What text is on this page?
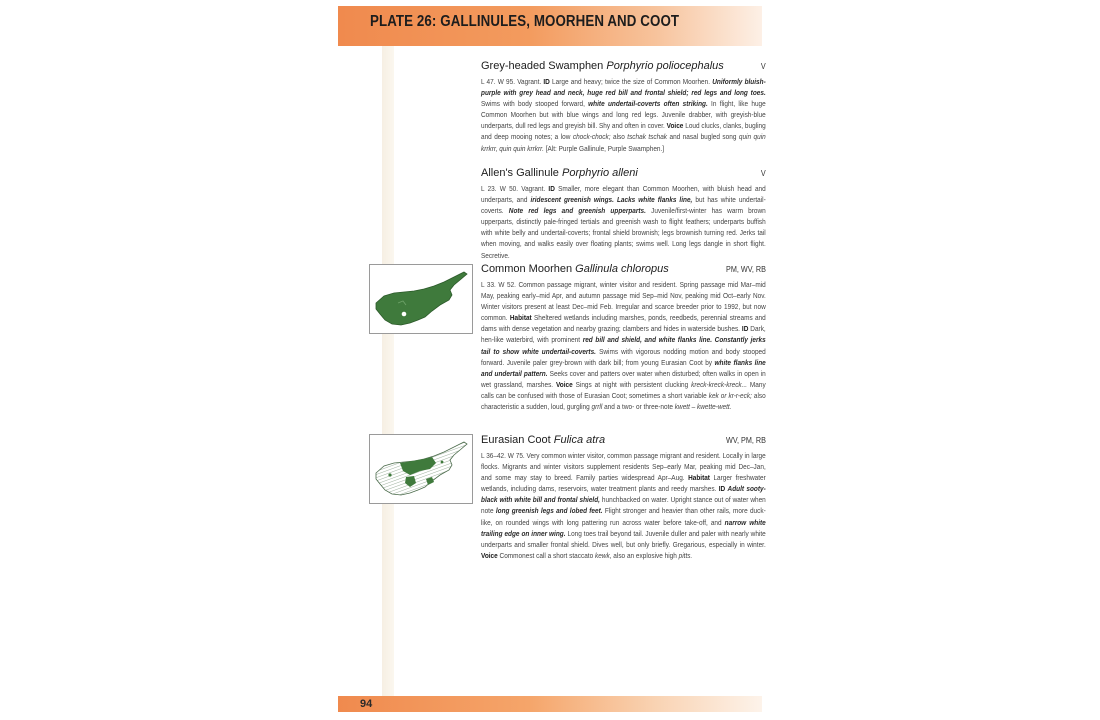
PLATE 26: GALLINULES, MOORHEN AND COOT
Grey-headed Swamphen Porphyrio poliocephalus	V

L 47. W 95. Vagrant. ID Large and heavy; twice the size of Common Moorhen. Uniformly bluish-purple with grey head and neck, huge red bill and frontal shield; red legs and long toes. Swims with body stooped forward, white undertail-coverts often striking. In flight, like huge Common Moorhen but with blue wings and long red legs. Juvenile drabber, with greyish-blue underparts, dull red legs and greyish bill. Shy and often in cover. Voice Loud clucks, clanks, bugling and deep mooing notes; a low chock-chock; also tschak tschak and nasal bugled song quin quin krrkrr, quin quin krrkrr. [Alt: Purple Gallinule, Purple Swamphen.]

Allen's Gallinule Porphyrio alleni	V

L 23. W 50. Vagrant. ID Smaller, more elegant than Common Moorhen, with bluish head and underparts, and iridescent greenish wings. Lacks white flanks line, but has white undertail-coverts. Note red legs and greenish upperparts. Juvenile/first-winter has warm brown upperparts, distinctly pale-fringed tertials and greenish wash to flight feathers; underparts buffish with white belly and undertail-coverts; frontal shield brownish; legs brownish turning red. Jerks tail when moving, and walks easily over floating plants; swims well. Long legs dangle in short flight. Secretive.

Common Moorhen Gallinula chloropus	PM, WV, RB

L 33. W 52. Common passage migrant, winter visitor and resident. Spring passage mid Mar–mid May, peaking early–mid Apr, and autumn passage mid Sep–mid Nov, peaking mid Oct–early Nov. Winter visitors present at least Dec–mid Feb. Irregular and scarce breeder prior to 1992, but now common. Habitat Sheltered wetlands including marshes, ponds, reedbeds, perennial streams and dams with dense vegetation and nearby grazing; clambers and hides in waterside bushes. ID Dark, hen-like waterbird, with prominent red bill and shield, and white flanks line. Constantly jerks tail to show white undertail-coverts. Swims with vigorous nodding motion and body stooped forward. Juvenile paler grey-brown with dark bill; from young Eurasian Coot by white flanks line and undertail pattern. Seeks cover and patters over water when disturbed; often walks in open in wet grassland, marshes. Voice Sings at night with persistent clucking kreck-kreck-kreck... Many calls can be confused with those of Eurasian Coot; sometimes a short variable kek or kr-r-eck; also characteristic a sudden, loud, gurgling grrll and a two- or three-note kwett – kwette-wett.

Eurasian Coot Fulica atra	WV, PM, RB

L 36–42. W 75. Very common winter visitor, common passage migrant and resident. Locally in large flocks. Migrants and winter visitors supplement residents Sep–early Mar, peaking mid Dec–Jan, and some may stay to breed. Family parties widespread Apr–Aug. Habitat Larger freshwater wetlands, including dams, reservoirs, water treatment plants and reedy marshes. ID Adult sooty-black with white bill and frontal shield, hunchbacked on water. Upright stance out of water when note long greenish legs and lobed feet. Flight stronger and heavier than other rails, more duck-like, on rounded wings with long pattering run across water before take-off, and narrow white trailing edge on inner wing. Long toes trail beyond tail. Juvenile duller and paler with nearly white underparts and smaller frontal shield. Dives well, but only briefly. Gregarious, especially in winter. Voice Commonest call a short staccato kewk, also an explosive high pitts.

94
